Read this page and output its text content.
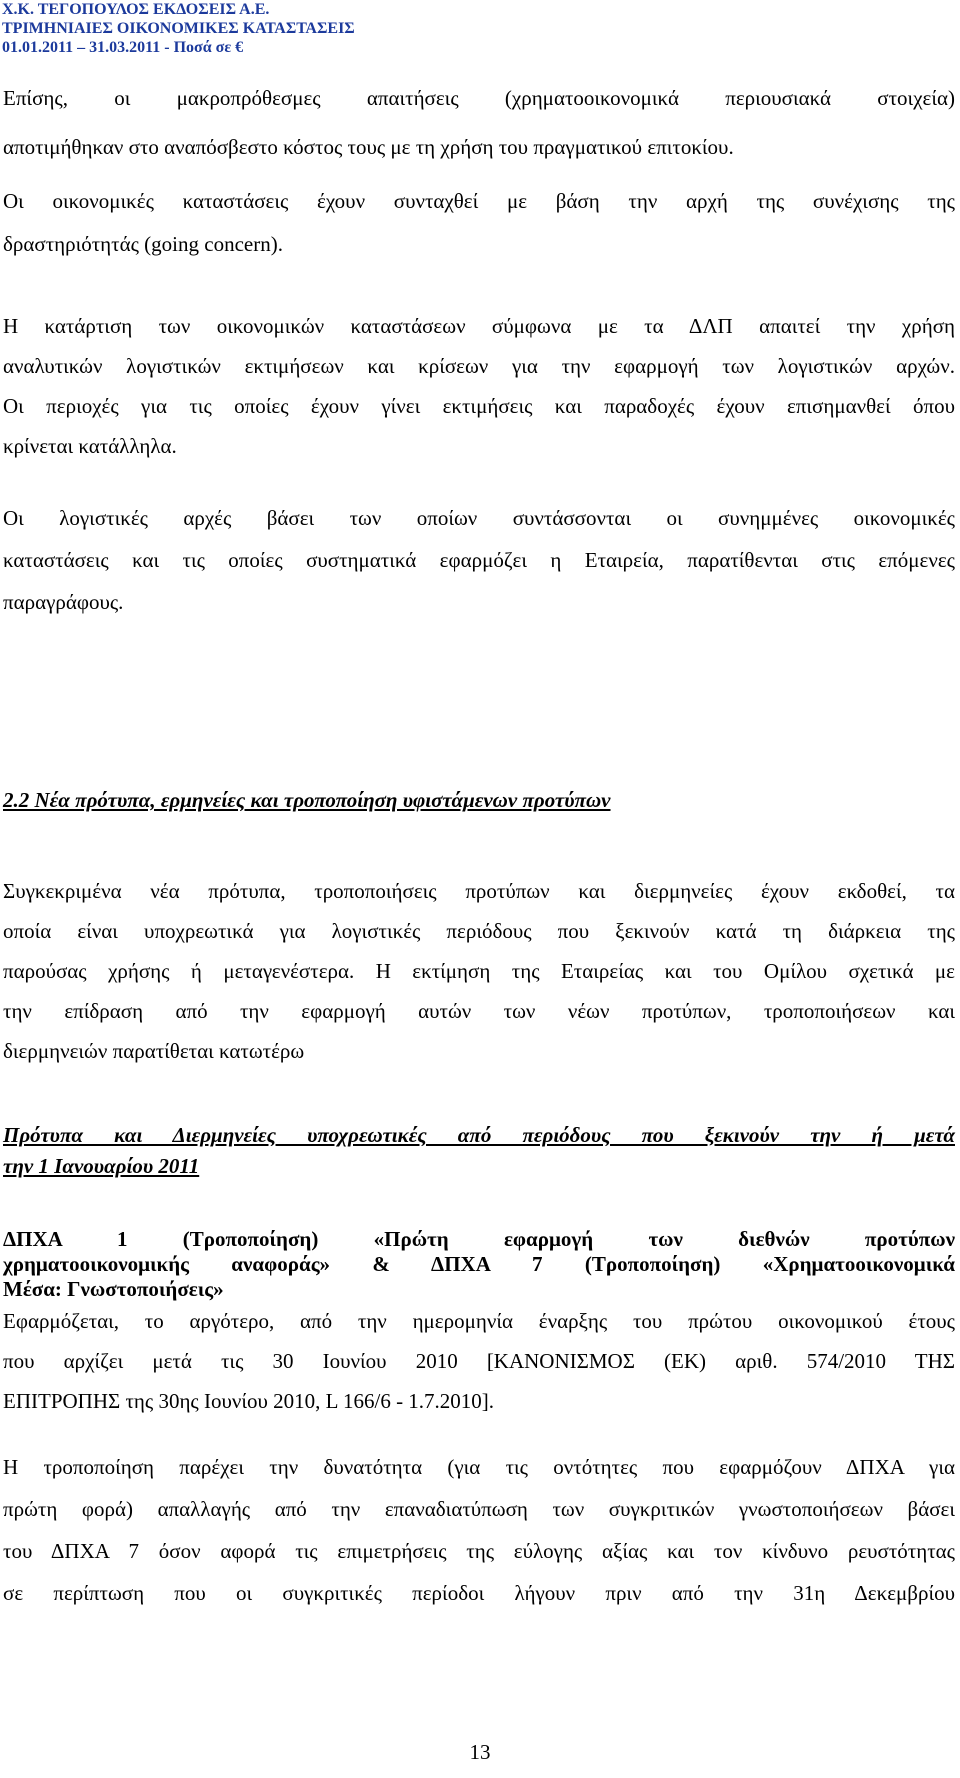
Χ.Κ. ΤΕΓΟΠΟΥΛΟΣ ΕΚΔΟΣΕΙΣ Α.Ε.
ΤΡΙΜΗΝΙΑΙΕΣ ΟΙΚΟΝΟΜΙΚΕΣ ΚΑΤΑΣΤΑΣΕΙΣ
01.01.2011 – 31.03.2011 - Ποσά σε €
Επίσης, οι μακροπρόθεσμες απαιτήσεις (χρηματοοικονομικά περιουσιακά στοιχεία)
αποτιμήθηκαν στο αναπόσβεστο κόστος τους με τη χρήση του πραγματικού επιτοκίου.
Οι οικονομικές καταστάσεις έχουν συνταχθεί με βάση την αρχή της συνέχισης της
δραστηριότητάς (going concern).
Η κατάρτιση των οικονομικών καταστάσεων σύμφωνα με τα ΔΛΠ απαιτεί την χρήση
αναλυτικών λογιστικών εκτιμήσεων και κρίσεων για την εφαρμογή των λογιστικών αρχών.
Οι περιοχές για τις οποίες έχουν γίνει εκτιμήσεις και παραδοχές έχουν επισημανθεί όπου
κρίνεται κατάλληλα.
Οι λογιστικές αρχές βάσει των οποίων συντάσσονται οι συνημμένες οικονομικές
καταστάσεις και τις οποίες συστηματικά εφαρμόζει η Εταιρεία, παρατίθενται στις επόμενες
παραγράφους.
2.2 Νέα πρότυπα, ερμηνείες και τροποποίηση υφιστάμενων προτύπων
Συγκεκριμένα νέα πρότυπα, τροποποιήσεις προτύπων και διερμηνείες έχουν εκδοθεί, τα
οποία είναι υποχρεωτικά για λογιστικές περιόδους που ξεκινούν κατά τη διάρκεια της
παρούσας χρήσης ή μεταγενέστερα. Η εκτίμηση της Εταιρείας και του Ομίλου σχετικά με
την επίδραση από την εφαρμογή αυτών των νέων προτύπων, τροποποιήσεων και
διερμηνειών παρατίθεται κατωτέρω
Πρότυπα και Διερμηνείες υποχρεωτικές από περιόδους που ξεκινούν την ή μετά
την 1 Ιανουαρίου 2011
ΔΠΧΑ 1 (Τροποποίηση) «Πρώτη εφαρμογή των διεθνών προτύπων
χρηματοοικονομικής αναφοράς» & ΔΠΧΑ 7 (Τροποποίηση) «Χρηματοοικονομικά
Μέσα: Γνωστοποιήσεις»
Εφαρμόζεται, το αργότερο, από την ημερομηνία έναρξης του πρώτου οικονομικού έτους
που αρχίζει μετά τις 30 Ιουνίου 2010 [ΚΑΝΟΝΙΣΜΟΣ (ΕΚ) αριθ. 574/2010 ΤΗΣ
ΕΠΙΤΡΟΠΗΣ της 30ης Ιουνίου 2010, L 166/6 - 1.7.2010].
Η τροποποίηση παρέχει την δυνατότητα (για τις οντότητες που εφαρμόζουν ΔΠΧΑ για
πρώτη φορά) απαλλαγής από την επαναδιατύπωση των συγκριτικών γνωστοποιήσεων βάσει
του ΔΠΧΑ 7 όσον αφορά τις επιμετρήσεις της εύλογης αξίας και τον κίνδυνο ρευστότητας
σε περίπτωση που οι συγκριτικές περίοδοι λήγουν πριν από την 31η Δεκεμβρίου
13
